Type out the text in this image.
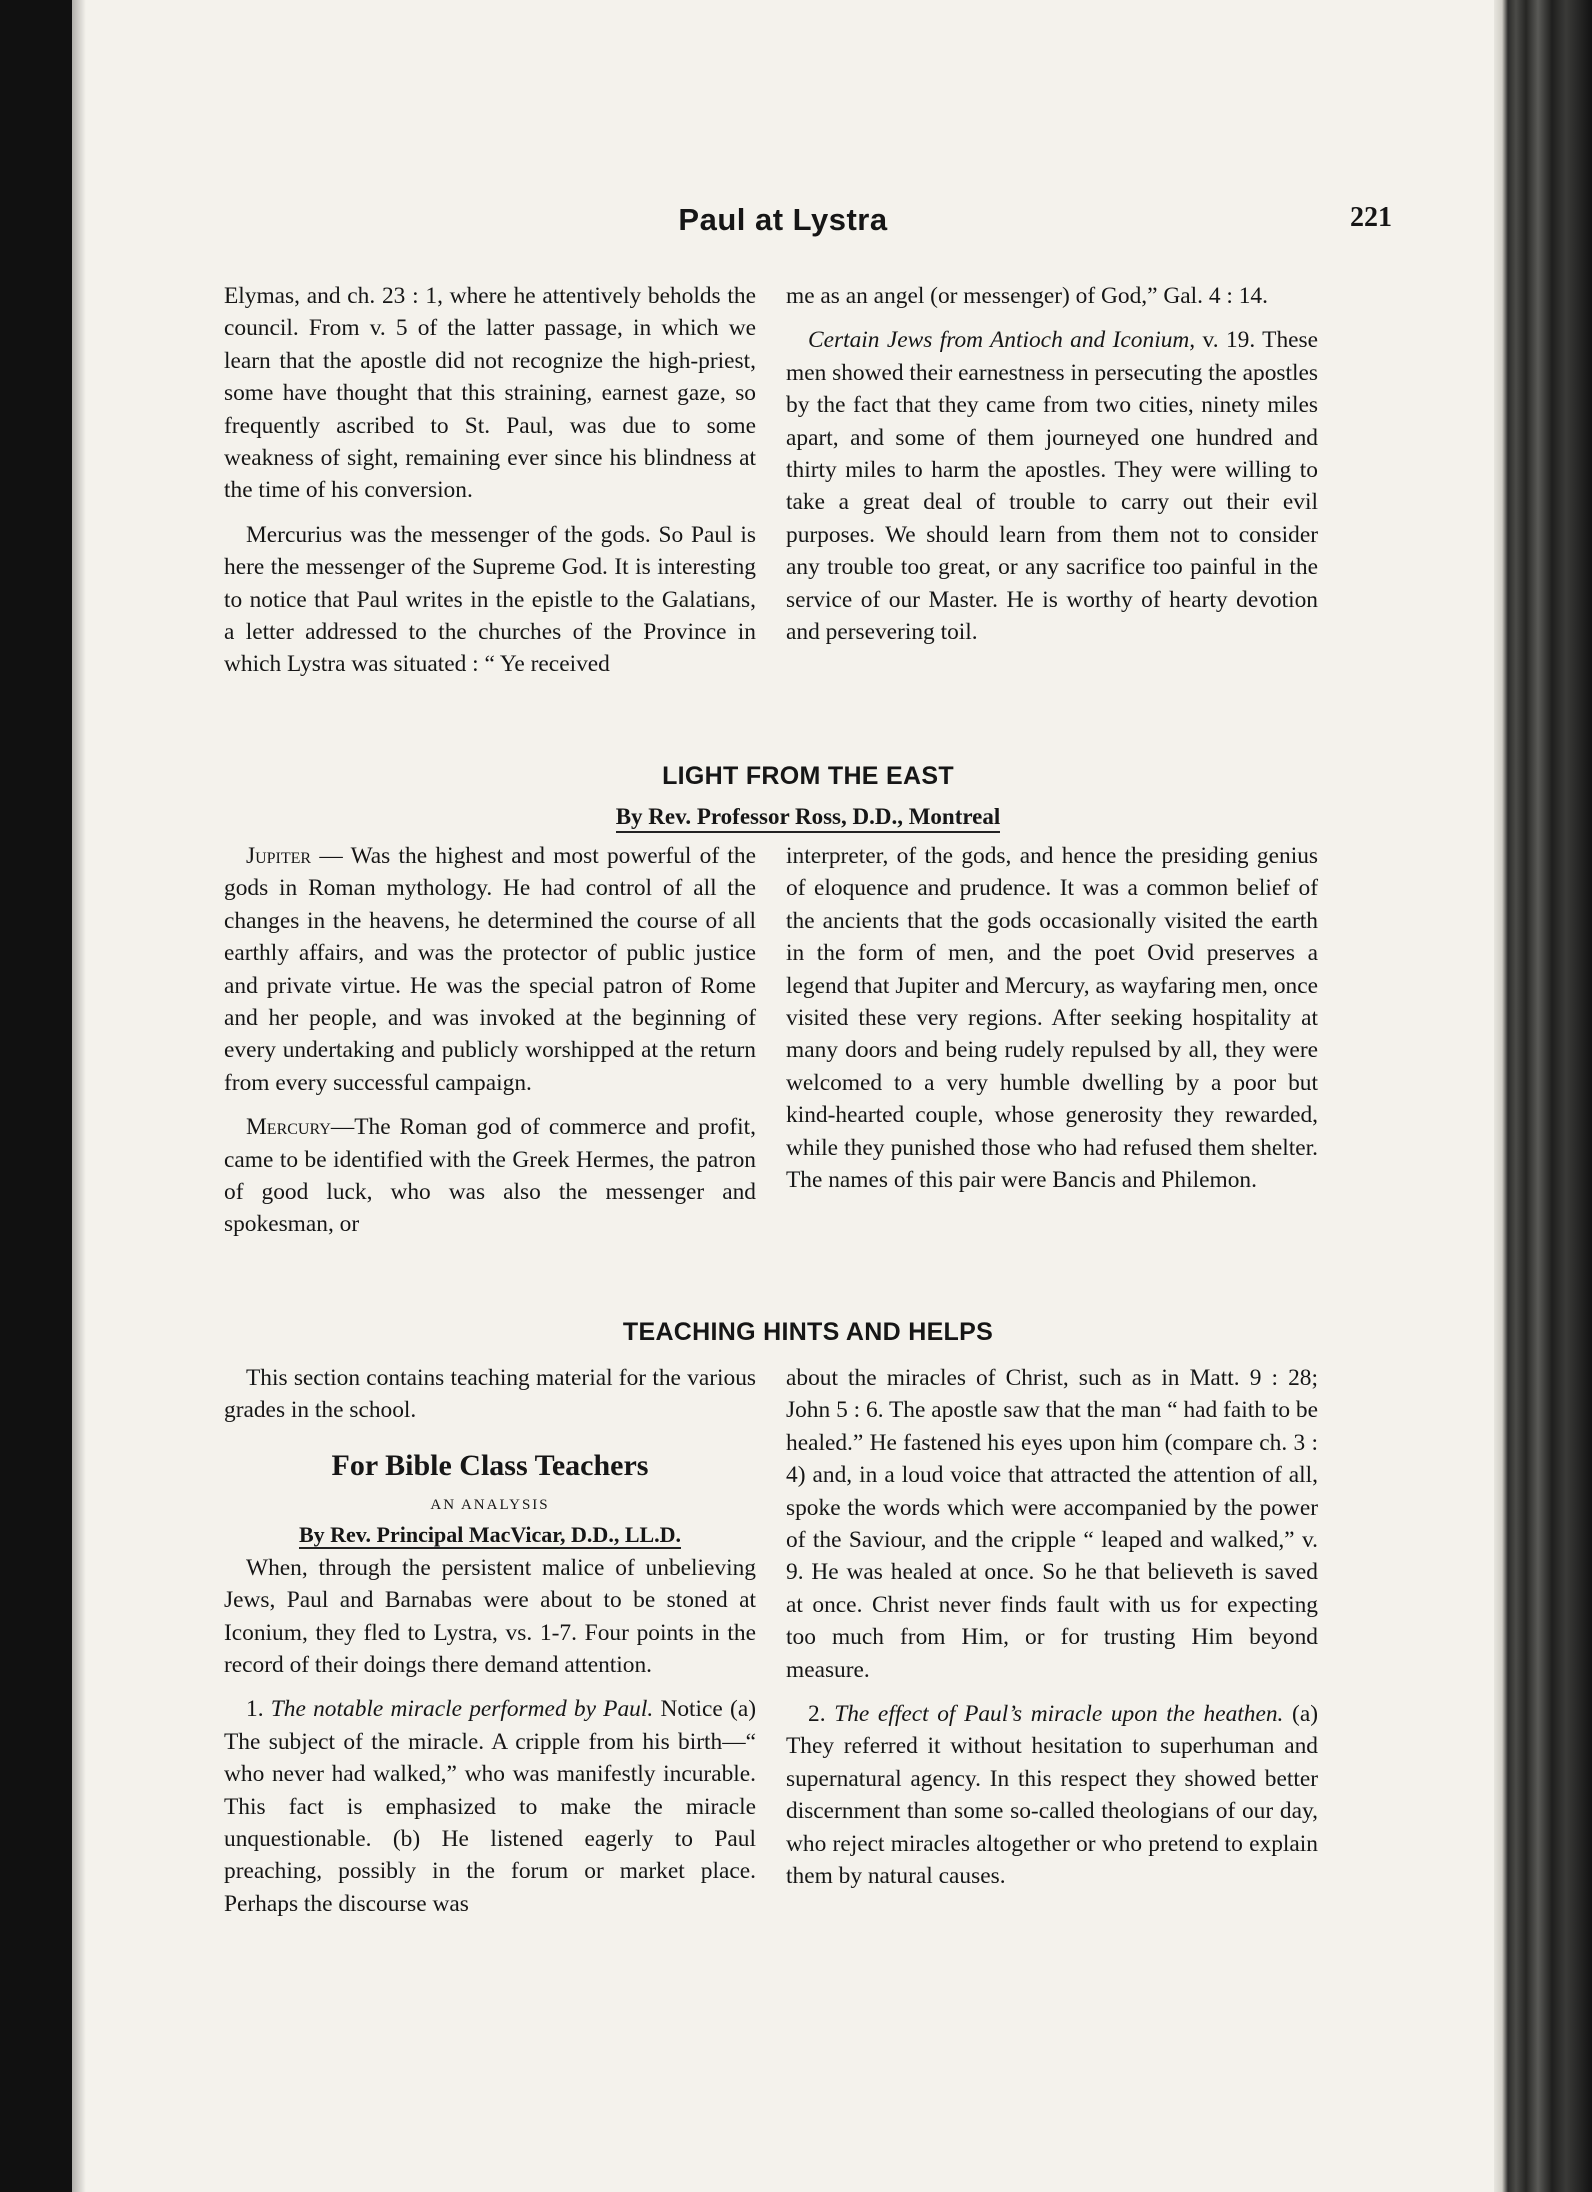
Paul at Lystra	221

Elymas, and ch. 23 : 1, where he attentively beholds the council. From v. 5 of the latter passage, in which we learn that the apostle did not recognize the high-priest, some have thought that this straining, earnest gaze, so frequently ascribed to St. Paul, was due to some weakness of sight, remaining ever since his blindness at the time of his conversion.

Mercurius was the messenger of the gods. So Paul is here the messenger of the Supreme God. It is interesting to notice that Paul writes in the epistle to the Galatians, a letter addressed to the churches of the Province in which Lystra was situated : “ Ye received

me as an angel (or messenger) of God,” Gal. 4 : 14.

Certain Jews from Antioch and Iconium, v. 19. These men showed their earnestness in persecuting the apostles by the fact that they came from two cities, ninety miles apart, and some of them journeyed one hundred and thirty miles to harm the apostles. They were willing to take a great deal of trouble to carry out their evil purposes. We should learn from them not to consider any trouble too great, or any sacrifice too painful in the service of our Master. He is worthy of hearty devotion and persevering toil.

LIGHT FROM THE EAST
By Rev. Professor Ross, D.D., Montreal

Jupiter — Was the highest and most powerful of the gods in Roman mythology. He had control of all the changes in the heavens, he determined the course of all earthly affairs, and was the protector of public justice and private virtue. He was the special patron of Rome and her people, and was invoked at the beginning of every undertaking and publicly worshipped at the return from every successful campaign.

Mercury—The Roman god of commerce and profit, came to be identified with the Greek Hermes, the patron of good luck, who was also the messenger and spokesman, or

interpreter, of the gods, and hence the presiding genius of eloquence and prudence. It was a common belief of the ancients that the gods occasionally visited the earth in the form of men, and the poet Ovid preserves a legend that Jupiter and Mercury, as wayfaring men, once visited these very regions. After seeking hospitality at many doors and being rudely repulsed by all, they were welcomed to a very humble dwelling by a poor but kind-hearted couple, whose generosity they rewarded, while they punished those who had refused them shelter. The names of this pair were Bancis and Philemon.

TEACHING HINTS AND HELPS

This section contains teaching material for the various grades in the school.

For Bible Class Teachers
AN ANALYSIS
By Rev. Principal MacVicar, D.D., LL.D.

When, through the persistent malice of unbelieving Jews, Paul and Barnabas were about to be stoned at Iconium, they fled to Lystra, vs. 1-7. Four points in the record of their doings there demand attention.

1. The notable miracle performed by Paul. Notice (a) The subject of the miracle. A cripple from his birth—“ who never had walked,” who was manifestly incurable. This fact is emphasized to make the miracle unquestionable. (b) He listened eagerly to Paul preaching, possibly in the forum or market place. Perhaps the discourse was

about the miracles of Christ, such as in Matt. 9 : 28; John 5 : 6. The apostle saw that the man “ had faith to be healed.” He fastened his eyes upon him (compare ch. 3 : 4) and, in a loud voice that attracted the attention of all, spoke the words which were accompanied by the power of the Saviour, and the cripple “ leaped and walked,” v. 9. He was healed at once. So he that believeth is saved at once. Christ never finds fault with us for expecting too much from Him, or for trusting Him beyond measure.

2. The effect of Paul’s miracle upon the heathen. (a) They referred it without hesitation to superhuman and supernatural agency. In this respect they showed better discernment than some so-called theologians of our day, who reject miracles altogether or who pretend to explain them by natural causes.
